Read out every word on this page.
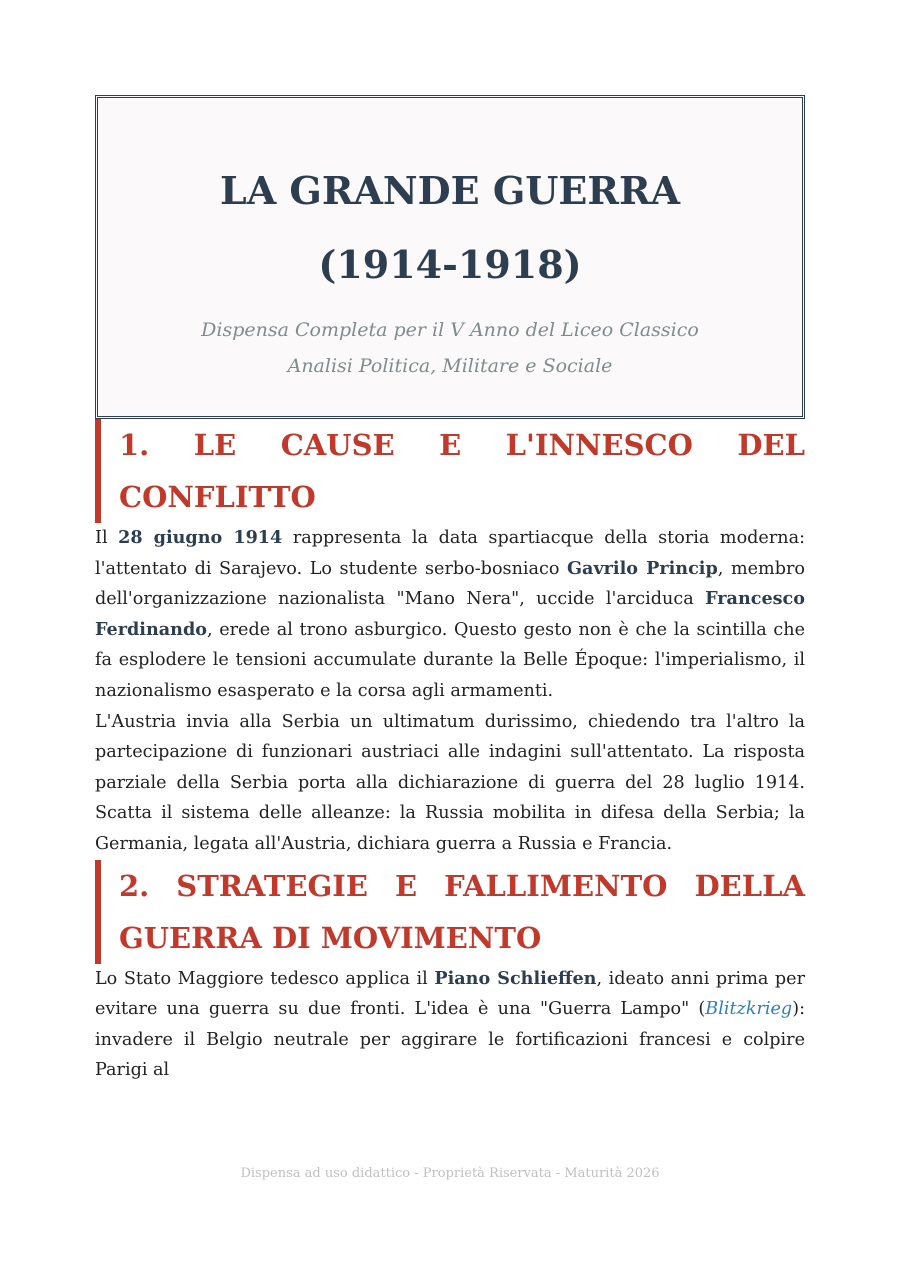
LA GRANDE GUERRA

(1914-1918)

Dispensa Completa per il V Anno del Liceo Classico

Analisi Politica, Militare e Sociale

1. LE CAUSE E L'INNESCO DEL CONFLITTO

Il 28 giugno 1914 rappresenta la data spartiacque della storia moderna: l'attentato di Sarajevo. Lo studente serbo-bosniaco Gavrilo Princip, membro dell'organizzazione nazionalista "Mano Nera", uccide l'arciduca Francesco Ferdinando, erede al trono asburgico. Questo gesto non è che la scintilla che fa esplodere le tensioni accumulate durante la Belle Époque: l'imperialismo, il nazionalismo esasperato e la corsa agli armamenti.

L'Austria invia alla Serbia un ultimatum durissimo, chiedendo tra l'altro la partecipazione di funzionari austriaci alle indagini sull'attentato. La risposta parziale della Serbia porta alla dichiarazione di guerra del 28 luglio 1914. Scatta il sistema delle alleanze: la Russia mobilita in difesa della Serbia; la Germania, legata all'Austria, dichiara guerra a Russia e Francia.

2. STRATEGIE E FALLIMENTO DELLA GUERRA DI MOVIMENTO

Lo Stato Maggiore tedesco applica il Piano Schlieffen, ideato anni prima per evitare una guerra su due fronti. L'idea è una "Guerra Lampo" (Blitzkrieg): invadere il Belgio neutrale per aggirare le fortificazioni francesi e colpire Parigi al

Dispensa ad uso didattico - Proprietà Riservata - Maturità 2026
